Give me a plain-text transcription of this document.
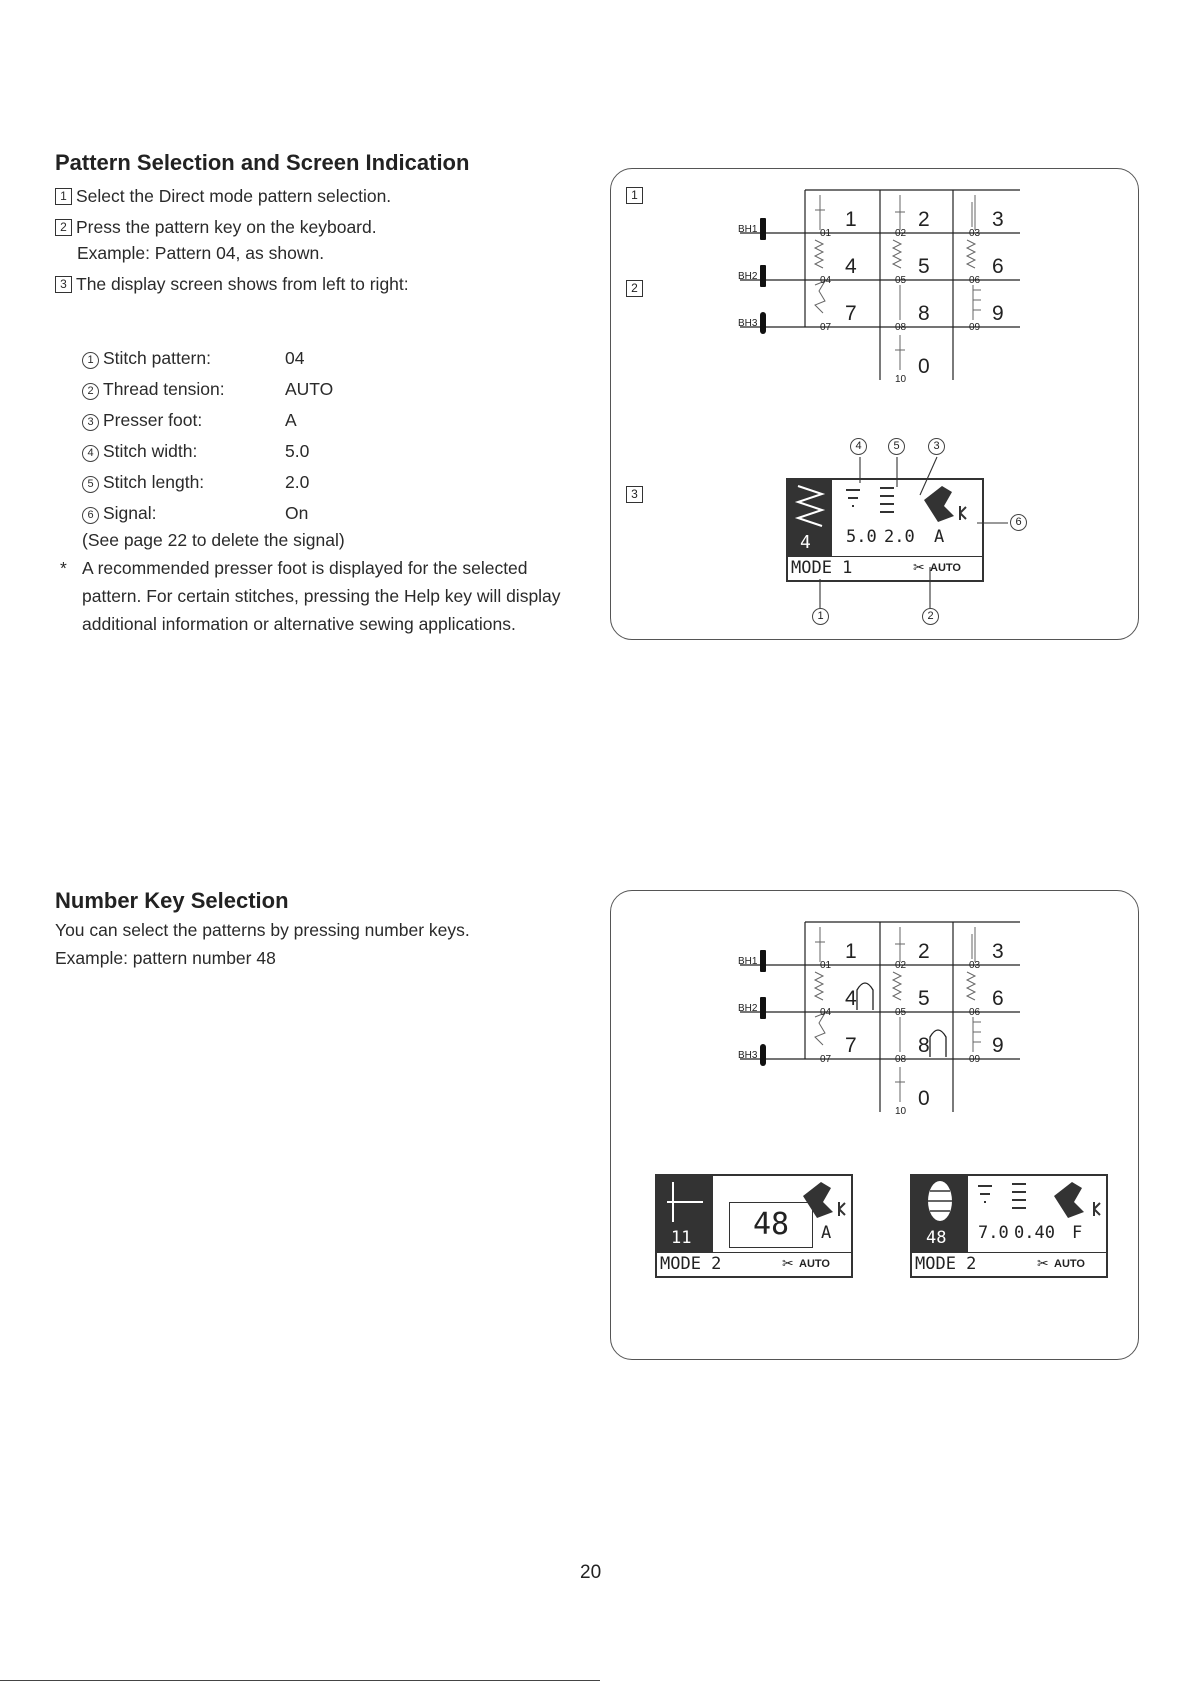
Pattern Selection and Screen Indication
1 Select the Direct mode pattern selection.
2 Press the pattern key on the keyboard.
Example: Pattern 04, as shown.
3 The display screen shows from left to right:
1 Stitch pattern:	04
2 Thread tension:	AUTO
3 Presser foot:	A
4 Stitch width:	5.0
5 Stitch length:	2.0
6 Signal:	On
(See page 22 to delete the signal)
* A recommended presser foot is displayed for the selected pattern. For certain stitches, pressing the Help key will display additional information or alternative sewing applications.
Number Key Selection
You can select the patterns by pressing number keys.
Example: pattern number 48
1
2
3
BH1
BH2
BH3
1	2	3
4	5	6
7	8	9
0
01	02	03
04	05	06
07	08	09
10
4 5.0 2.0 A
MODE 1	✂ AUTO
4	5	3
6
1	2
BH1
BH2
BH3
1	2	3
4	5	6
7	8	9
0
01	02	03
04	05	06
07	08	09
10
11	48	A
MODE 2	✂ AUTO
48 7.0 0.40 F
MODE 2	✂ AUTO
20
